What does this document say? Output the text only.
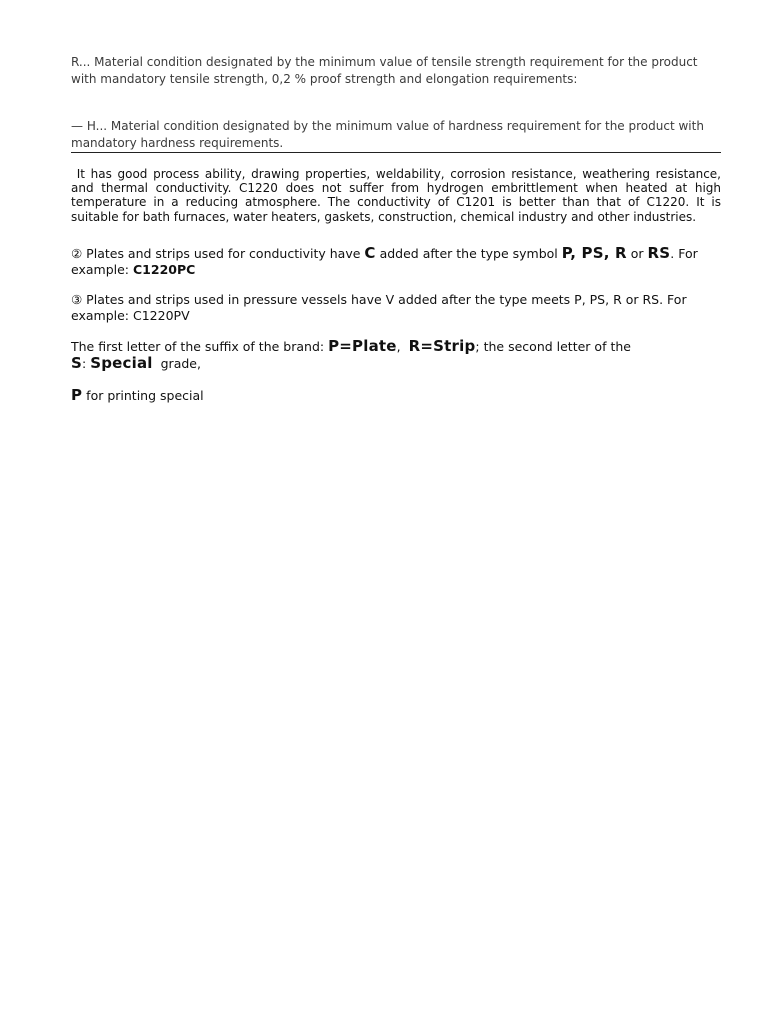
R... Material condition designated by the minimum value of tensile strength requirement for the product with mandatory tensile strength, 0,2 % proof strength and elongation requirements:

— H... Material condition designated by the minimum value of hardness requirement for the product with mandatory hardness requirements.

It has good process ability, drawing properties, weldability, corrosion resistance, weathering resistance, and thermal conductivity. C1220 does not suffer from hydrogen embrittlement when heated at high temperature in a reducing atmosphere. The conductivity of C1201 is better than that of C1220. It is suitable for bath furnaces, water heaters, gaskets, construction, chemical industry and other industries.

② Plates and strips used for conductivity have C added after the type symbol P, PS, R or RS. For example: C1220PC

③ Plates and strips used in pressure vessels have V added after the type meets P, PS, R or RS. For example: C1220PV

The first letter of the suffix of the brand: P=Plate, R=Strip; the second letter of the
S: Special grade,

P for printing special
